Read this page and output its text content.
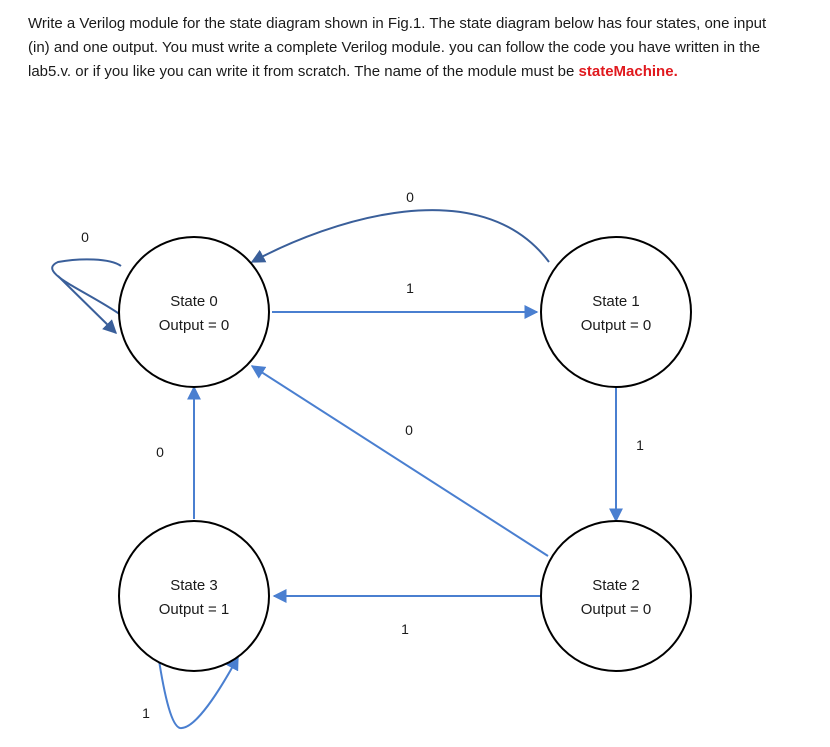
Write a Verilog module for the state diagram shown in Fig.1. The state diagram below has four states, one input (in) and one output. You must write a complete Verilog module. you can follow the code you have written in the lab5.v. or if you like you can write it from scratch. The name of the module must be stateMachine.
State 0
Output = 0
State 1
Output = 0
State 2
Output = 0
State 3
Output = 1
0
1
0
1
0
1
0
1
